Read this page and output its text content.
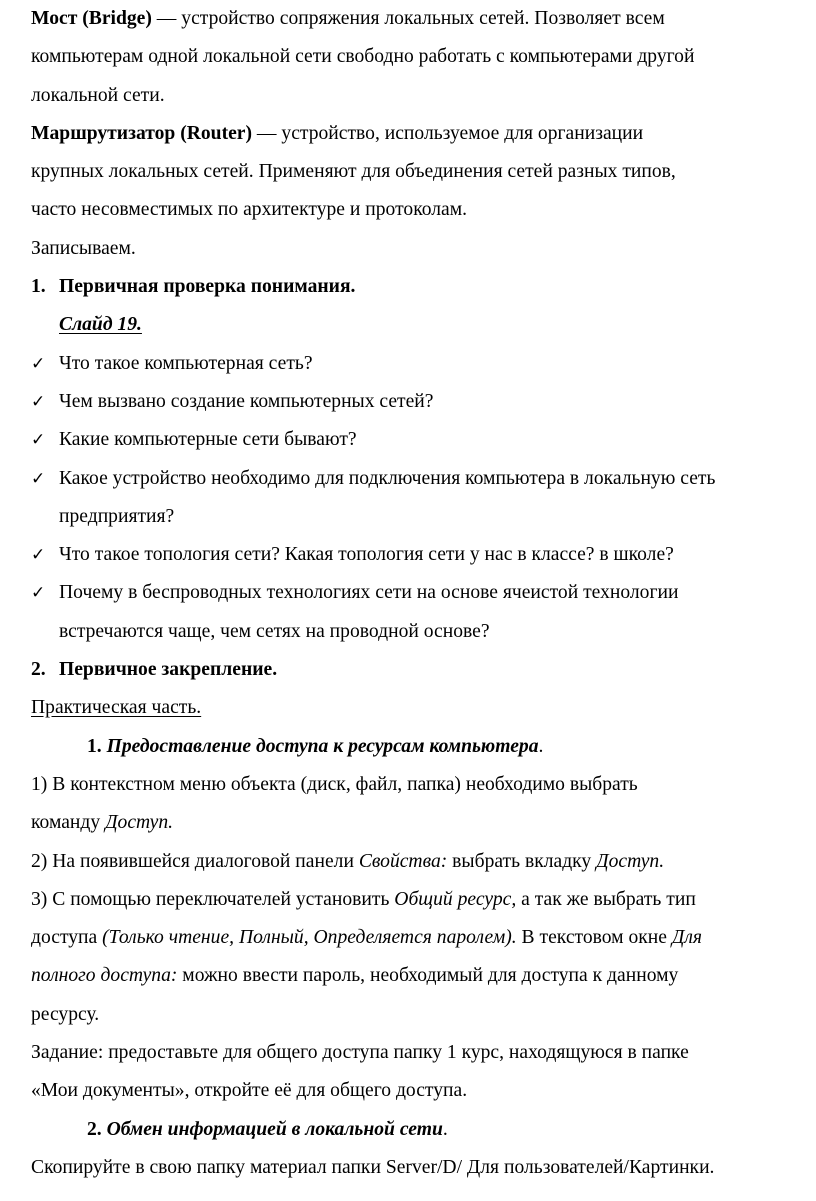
Мост (Bridge) — устройство сопряжения локальных сетей. Позволяет всем
компьютерам одной локальной сети свободно работать с компьютерами другой
локальной сети.
Маршрутизатор (Router) — устройство, используемое для организации
крупных локальных сетей. Применяют для объединения сетей разных типов,
часто несовместимых по архитектуре и протоколам.
Записываем.
1. Первичная проверка понимания.
Слайд 19.
✓ Что такое компьютерная сеть?
✓ Чем вызвано создание компьютерных сетей?
✓ Какие компьютерные сети бывают?
✓ Какое устройство необходимо для подключения компьютера в локальную сеть
предприятия?
✓ Что такое топология сети? Какая топология сети у нас в классе? в школе?
✓ Почему в беспроводных технологиях сети на основе ячеистой технологии
встречаются чаще, чем сетях на проводной основе?
2. Первичное закрепление.
Практическая часть.
1. Предоставление доступа к ресурсам компьютера.
1) В контекстном меню объекта (диск, файл, папка) необходимо выбрать
команду Доступ.
2) На появившейся диалоговой панели Свойства: выбрать вкладку Доступ.
3) С помощью переключателей установить Общий ресурс, а так же выбрать тип
доступа (Только чтение, Полный, Определяется паролем). В текстовом окне Для
полного доступа: можно ввести пароль, необходимый для доступа к данному
ресурсу.
Задание: предоставьте для общего доступа папку 1 курс, находящуюся в папке
«Мои документы», откройте её для общего доступа.
2. Обмен информацией в локальной сети.
Скопируйте в свою папку материал папки Server/D/ Для пользователей/Картинки.
